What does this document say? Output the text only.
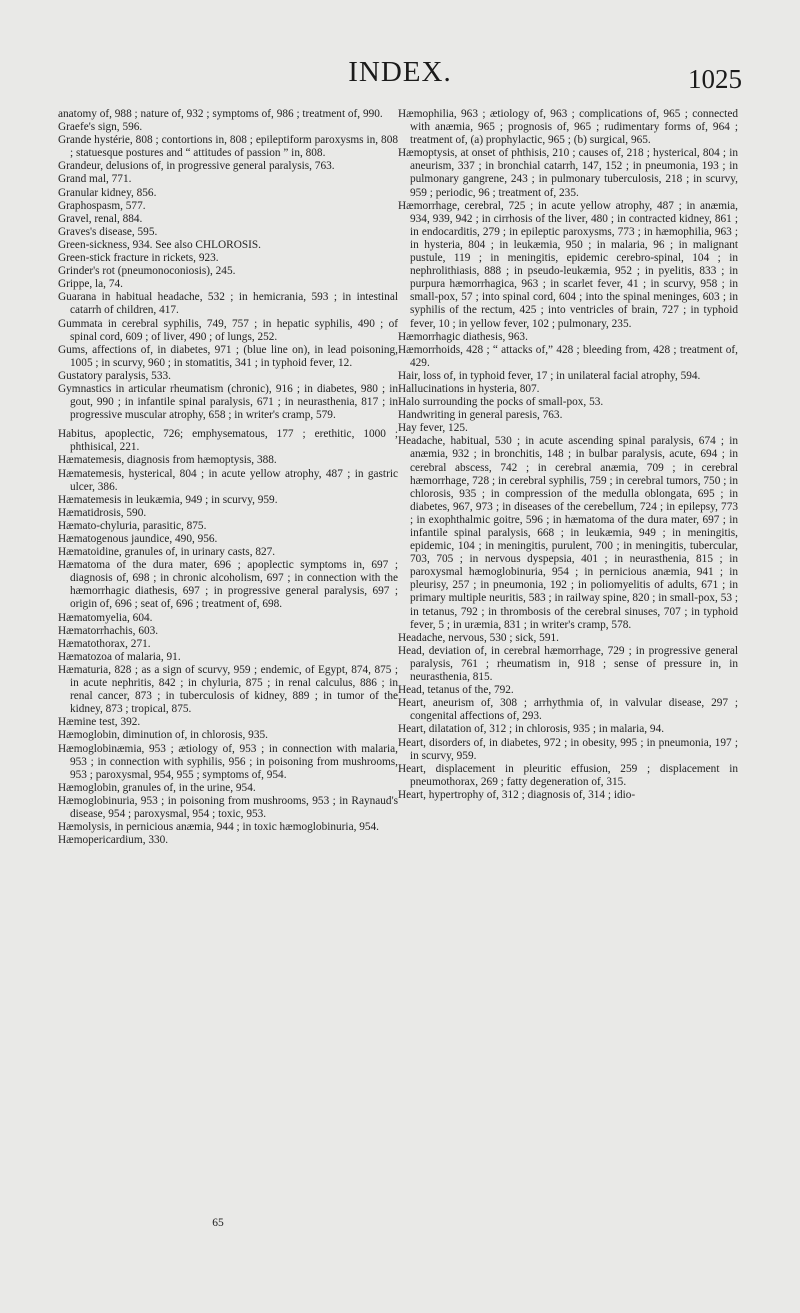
INDEX.	1025

anatomy of, 988 ; nature of, 932 ; symptoms of, 986 ; treatment of, 990.

Graefe's sign, 596.

Grande hystérie, 808 ; contortions in, 808 ; epileptiform paroxysms in, 808 ; statuesque postures and “ attitudes of passion ” in, 808.

Grandeur, delusions of, in progressive general paralysis, 763.

Grand mal, 771.

Granular kidney, 856.

Graphospasm, 577.

Gravel, renal, 884.

Graves's disease, 595.

Green-sickness, 934. See also CHLOROSIS.

Green-stick fracture in rickets, 923.

Grinder's rot (pneumonoconiosis), 245.

Grippe, la, 74.

Guarana in habitual headache, 532 ; in hemicrania, 593 ; in intestinal catarrh of children, 417.

Gummata in cerebral syphilis, 749, 757 ; in hepatic syphilis, 490 ; of spinal cord, 609 ; of liver, 490 ; of lungs, 252.

Gums, affections of, in diabetes, 971 ; (blue line on), in lead poisoning, 1005 ; in scurvy, 960 ; in stomatitis, 341 ; in typhoid fever, 12.

Gustatory paralysis, 533.

Gymnastics in articular rheumatism (chronic), 916 ; in diabetes, 980 ; in gout, 990 ; in infantile spinal paralysis, 671 ; in neurasthenia, 817 ; in progressive muscular atrophy, 658 ; in writer's cramp, 579.

Habitus, apoplectic, 726; emphysematous, 177 ; erethitic, 1000 ; phthisical, 221.

Hæmatemesis, diagnosis from hæmoptysis, 388.

Hæmatemesis, hysterical, 804 ; in acute yellow atrophy, 487 ; in gastric ulcer, 386.

Hæmatemesis in leukæmia, 949 ; in scurvy, 959.

Hæmatidrosis, 590.

Hæmato-chyluria, parasitic, 875.

Hæmatogenous jaundice, 490, 956.

Hæmatoidine, granules of, in urinary casts, 827.

Hæmatoma of the dura mater, 696 ; apoplectic symptoms in, 697 ; diagnosis of, 698 ; in chronic alcoholism, 697 ; in connection with the hæmorrhagic diathesis, 697 ; in progressive general paralysis, 697 ; origin of, 696 ; seat of, 696 ; treatment of, 698.

Hæmatomyelia, 604.

Hæmatorrhachis, 603.

Hæmatothorax, 271.

Hæmatozoa of malaria, 91.

Hæmaturia, 828 ; as a sign of scurvy, 959 ; endemic, of Egypt, 874, 875 ; in acute nephritis, 842 ; in chyluria, 875 ; in renal calculus, 886 ; in renal cancer, 873 ; in tuberculosis of kidney, 889 ; in tumor of the kidney, 873 ; tropical, 875.

Hæmine test, 392.

Hæmoglobin, diminution of, in chlorosis, 935.

Hæmoglobinæmia, 953 ; ætiology of, 953 ; in connection with malaria, 953 ; in connection with syphilis, 956 ; in poisoning from mushrooms, 953 ; paroxysmal, 954, 955 ; symptoms of, 954.

Hæmoglobin, granules of, in the urine, 954.

Hæmoglobinuria, 953 ; in poisoning from mushrooms, 953 ; in Raynaud's disease, 954 ; paroxysmal, 954 ; toxic, 953.

Hæmolysis, in pernicious anæmia, 944 ; in toxic hæmoglobinuria, 954.

Hæmopericardium, 330.

Hæmophilia, 963 ; ætiology of, 963 ; complications of, 965 ; connected with anæmia, 965 ; prognosis of, 965 ; rudimentary forms of, 964 ; treatment of, (a) prophylactic, 965 ; (b) surgical, 965.

Hæmoptysis, at onset of phthisis, 210 ; causes of, 218 ; hysterical, 804 ; in aneurism, 337 ; in bronchial catarrh, 147, 152 ; in pneumonia, 193 ; in pulmonary gangrene, 243 ; in pulmonary tuberculosis, 218 ; in scurvy, 959 ; periodic, 96 ; treatment of, 235.

Hæmorrhage, cerebral, 725 ; in acute yellow atrophy, 487 ; in anæmia, 934, 939, 942 ; in cirrhosis of the liver, 480 ; in contracted kidney, 861 ; in endocarditis, 279 ; in epileptic paroxysms, 773 ; in hæmophilia, 963 ; in hysteria, 804 ; in leukæmia, 950 ; in malaria, 96 ; in malignant pustule, 119 ; in meningitis, epidemic cerebro-spinal, 104 ; in nephrolithiasis, 888 ; in pseudo-leukæmia, 952 ; in pyelitis, 833 ; in purpura hæmorrhagica, 963 ; in scarlet fever, 41 ; in scurvy, 958 ; in small-pox, 57 ; into spinal cord, 604 ; into the spinal meninges, 603 ; in syphilis of the rectum, 425 ; into ventricles of brain, 727 ; in typhoid fever, 10 ; in yellow fever, 102 ; pulmonary, 235.

Hæmorrhagic diathesis, 963.

Hæmorrhoids, 428 ; “ attacks of,” 428 ; bleeding from, 428 ; treatment of, 429.

Hair, loss of, in typhoid fever, 17 ; in unilateral facial atrophy, 594.

Hallucinations in hysteria, 807.

Halo surrounding the pocks of small-pox, 53.

Handwriting in general paresis, 763.

Hay fever, 125.

Headache, habitual, 530 ; in acute ascending spinal paralysis, 674 ; in anæmia, 932 ; in bronchitis, 148 ; in bulbar paralysis, acute, 694 ; in cerebral abscess, 742 ; in cerebral anæmia, 709 ; in cerebral hæmorrhage, 728 ; in cerebral syphilis, 759 ; in cerebral tumors, 750 ; in chlorosis, 935 ; in compression of the medulla oblongata, 695 ; in diabetes, 967, 973 ; in diseases of the cerebellum, 724 ; in epilepsy, 773 ; in exophthalmic goitre, 596 ; in hæmatoma of the dura mater, 697 ; in infantile spinal paralysis, 668 ; in leukæmia, 949 ; in meningitis, epidemic, 104 ; in meningitis, purulent, 700 ; in meningitis, tubercular, 703, 705 ; in nervous dyspepsia, 401 ; in neurasthenia, 815 ; in paroxysmal hæmoglobinuria, 954 ; in pernicious anæmia, 941 ; in pleurisy, 257 ; in pneumonia, 192 ; in poliomyelitis of adults, 671 ; in primary multiple neuritis, 583 ; in railway spine, 820 ; in small-pox, 53 ; in tetanus, 792 ; in thrombosis of the cerebral sinuses, 707 ; in typhoid fever, 5 ; in uræmia, 831 ; in writer's cramp, 578.

Headache, nervous, 530 ; sick, 591.

Head, deviation of, in cerebral hæmorrhage, 729 ; in progressive general paralysis, 761 ; rheumatism in, 918 ; sense of pressure in, in neurasthenia, 815.

Head, tetanus of the, 792.

Heart, aneurism of, 308 ; arrhythmia of, in valvular disease, 297 ; congenital affections of, 293.

Heart, dilatation of, 312 ; in chlorosis, 935 ; in malaria, 94.

Heart, disorders of, in diabetes, 972 ; in obesity, 995 ; in pneumonia, 197 ; in scurvy, 959.

Heart, displacement in pleuritic effusion, 259 ; displacement in pneumothorax, 269 ; fatty degeneration of, 315.

Heart, hypertrophy of, 312 ; diagnosis of, 314 ; idio-

65
